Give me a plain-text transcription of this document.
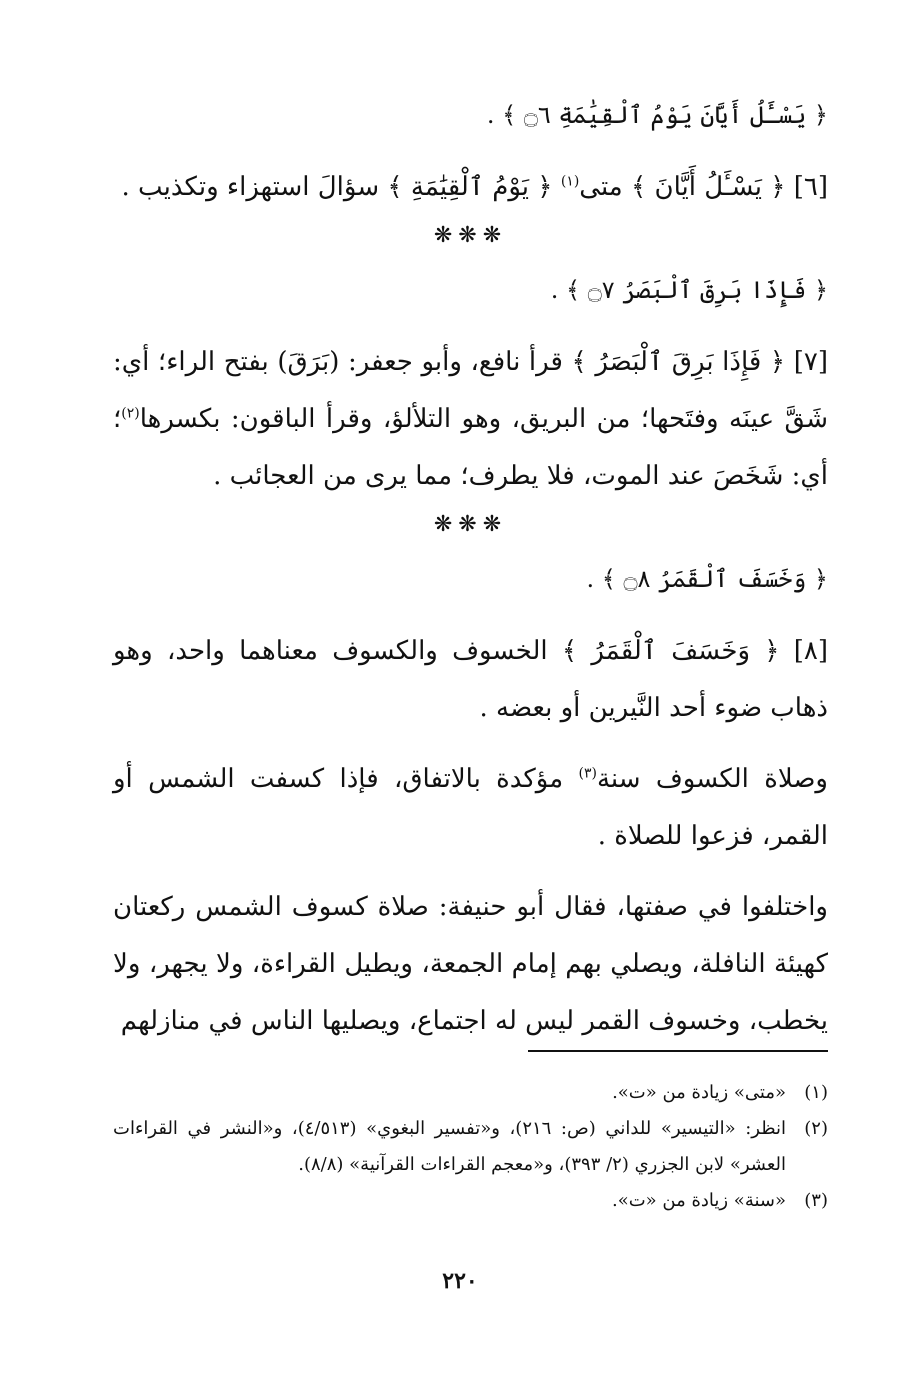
﴿ يَسْـَٔلُ أَيَّانَ يَوْمُ ٱلْقِيَٰمَةِ ۝٦ ﴾ .

[٦] ﴿ يَسْـَٔلُ أَيَّانَ ﴾ متى$^{(١)}$ ﴿ يَوْمُ ٱلْقِيَٰمَةِ ﴾ سؤالَ استهزاء وتكذيب .

❋❋❋

﴿ فَإِذَا بَرِقَ ٱلْبَصَرُ ۝٧ ﴾ .

[٧] ﴿ فَإِذَا بَرِقَ ٱلْبَصَرُ ﴾ قرأ نافع، وأبو جعفر: (بَرَقَ) بفتح الراء؛ أي: شَقَّ عينَه وفتَحها؛ من البريق، وهو التلألؤ، وقرأ الباقون: بكسرها$^{(٢)}$؛ أي: شَخَصَ عند الموت، فلا يطرف؛ مما يرى من العجائب .

❋❋❋

﴿ وَخَسَفَ ٱلْقَمَرُ ۝٨ ﴾ .

[٨] ﴿ وَخَسَفَ ٱلْقَمَرُ ﴾ الخسوف والكسوف معناهما واحد، وهو ذهاب ضوء أحد النَّيرين أو بعضه .

وصلاة الكسوف سنة$^{(٣)}$ مؤكدة بالاتفاق، فإذا كسفت الشمس أو القمر، فزعوا للصلاة .

واختلفوا في صفتها، فقال أبو حنيفة: صلاة كسوف الشمس ركعتان كهيئة النافلة، ويصلي بهم إمام الجمعة، ويطيل القراءة، ولا يجهر، ولا يخطب، وخسوف القمر ليس له اجتماع، ويصليها الناس في منازلهم

(١)
«متى» زيادة من «ت».
(٢)
انظر: «التيسير» للداني (ص: ٢١٦)، و«تفسير البغوي» (٤/٥١٣)، و«النشر في القراءات العشر» لابن الجزري (٢/ ٣٩٣)، و«معجم القراءات القرآنية» (٨/٨).
(٣)
«سنة» زيادة من «ت».
٢٢٠
